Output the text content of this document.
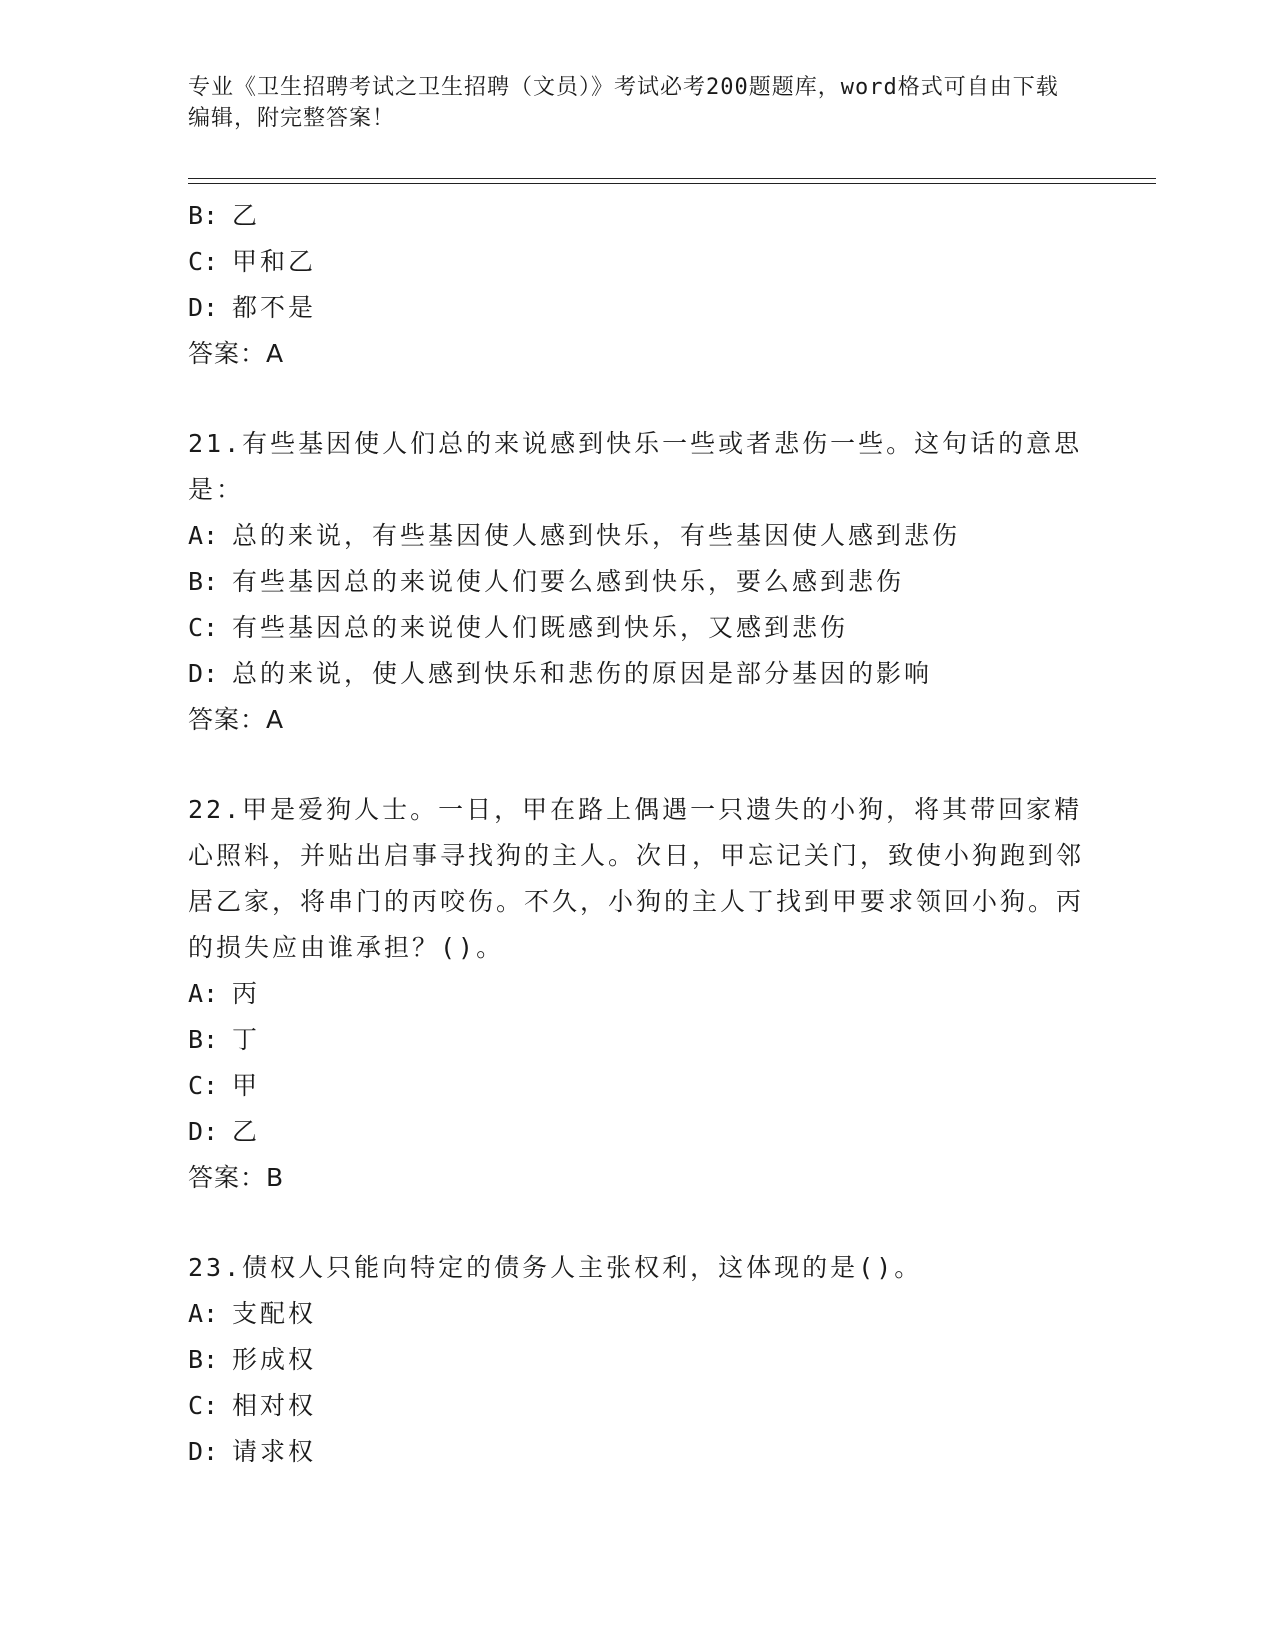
专业《卫生招聘考试之卫生招聘（文员）》考试必考200题题库，word格式可自由下载编辑，附完整答案！
B: 乙
C: 甲和乙
D: 都不是
答案：A

21.有些基因使人们总的来说感到快乐一些或者悲伤一些。这句话的意思是：

A: 总的来说，有些基因使人感到快乐，有些基因使人感到悲伤
B: 有些基因总的来说使人们要么感到快乐，要么感到悲伤
C: 有些基因总的来说使人们既感到快乐，又感到悲伤
D: 总的来说，使人感到快乐和悲伤的原因是部分基因的影响
答案：A

22.甲是爱狗人士。一日，甲在路上偶遇一只遗失的小狗，将其带回家精心照料，并贴出启事寻找狗的主人。次日，甲忘记关门，致使小狗跑到邻居乙家，将串门的丙咬伤。不久，小狗的主人丁找到甲要求领回小狗。丙的损失应由谁承担？()。

A: 丙
B: 丁
C: 甲
D: 乙
答案：B

23.债权人只能向特定的债务人主张权利，这体现的是()。

A: 支配权
B: 形成权
C: 相对权
D: 请求权
